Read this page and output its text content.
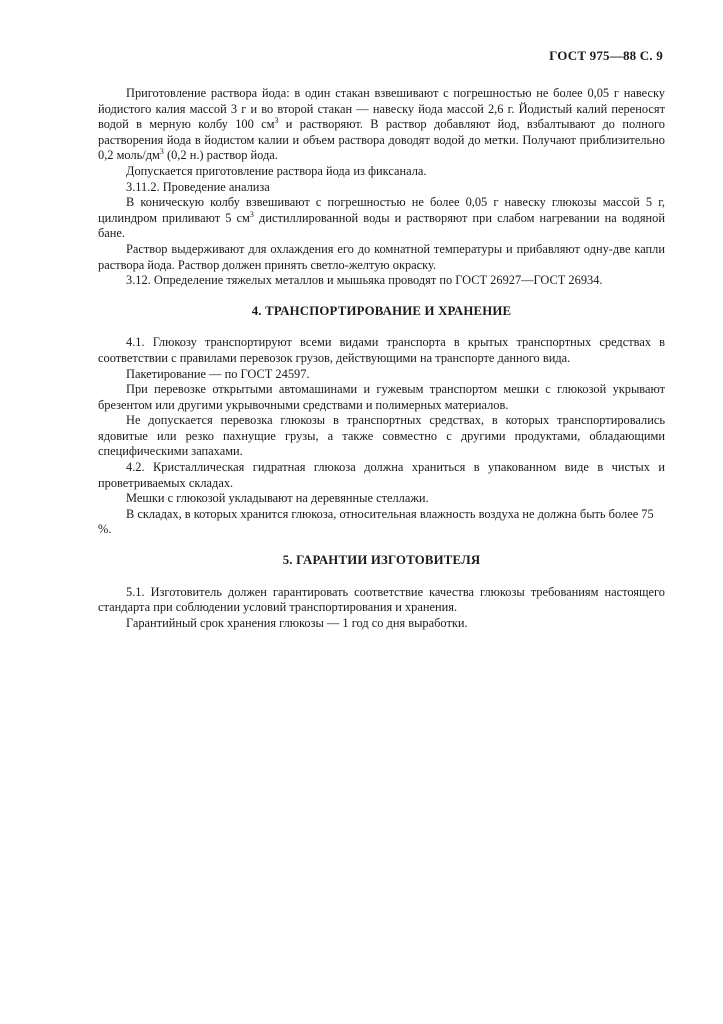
ГОСТ 975—88 С. 9

Приготовление раствора йода: в один стакан взвешивают с погрешностью не более 0,05 г навеску йодистого калия массой 3 г и во второй стакан — навеску йода массой 2,6 г. Йодистый калий переносят водой в мерную колбу 100 $см^3$ и растворяют. В раствор добавляют йод, взбалтывают до полного растворения йода в йодистом калии и объем раствора доводят водой до метки. Получают приблизительно 0,2 моль/$дм^3$ (0,2 н.) раствор йода.

Допускается приготовление раствора йода из фиксанала.

3.11.2. Проведение анализа

В коническую колбу взвешивают с погрешностью не более 0,05 г навеску глюкозы массой 5 г, цилиндром приливают 5 $см^3$ дистиллированной воды и растворяют при слабом нагревании на водяной бане.

Раствор выдерживают для охлаждения его до комнатной температуры и прибавляют одну-две капли раствора йода. Раствор должен принять светло-желтую окраску.

3.12. Определение тяжелых металлов и мышьяка проводят по ГОСТ 26927—ГОСТ 26934.

4. ТРАНСПОРТИРОВАНИЕ И ХРАНЕНИЕ

4.1. Глюкозу транспортируют всеми видами транспорта в крытых транспортных средствах в соответствии с правилами перевозок грузов, действующими на транспорте данного вида.

Пакетирование — по ГОСТ 24597.

При перевозке открытыми автомашинами и гужевым транспортом мешки с глюкозой укрывают брезентом или другими укрывочными средствами и полимерных материалов.

Не допускается перевозка глюкозы в транспортных средствах, в которых транспортировались ядовитые или резко пахнущие грузы, а также совместно с другими продуктами, обладающими специфическими запахами.

4.2. Кристаллическая гидратная глюкоза должна храниться в упакованном виде в чистых и проветриваемых складах.

Мешки с глюкозой укладывают на деревянные стеллажи.

В складах, в которых хранится глюкоза, относительная влажность воздуха не должна быть более 75 %.

5. ГАРАНТИИ ИЗГОТОВИТЕЛЯ

5.1. Изготовитель должен гарантировать соответствие качества глюкозы требованиям настоящего стандарта при соблюдении условий транспортирования и хранения.

Гарантийный срок хранения глюкозы — 1 год со дня выработки.
